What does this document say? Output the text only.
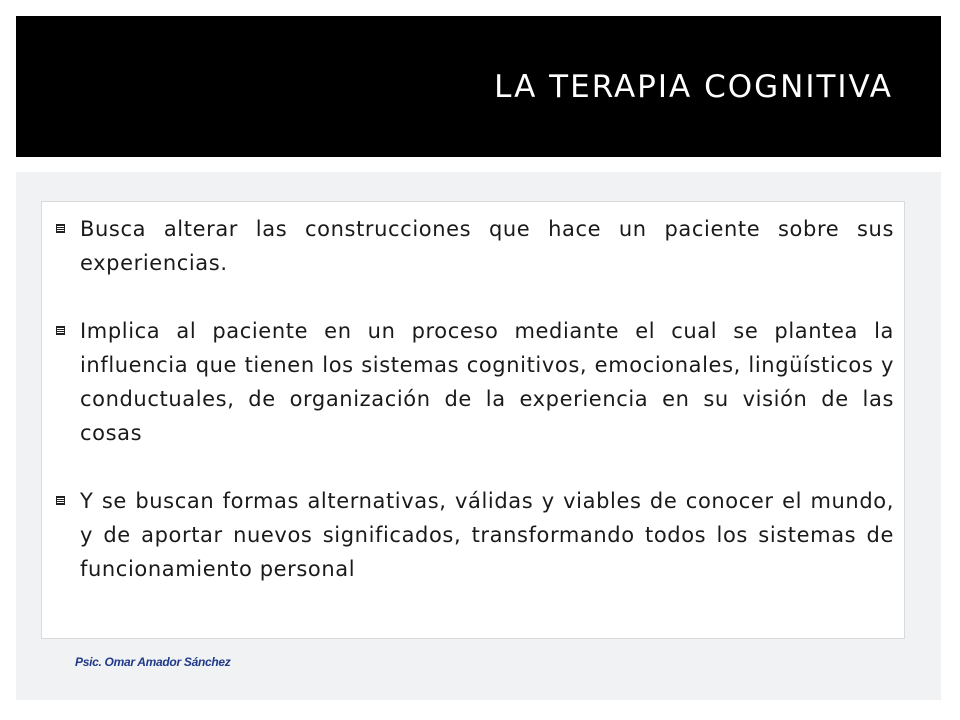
LA TERAPIA COGNITIVA
Busca alterar las construcciones que hace un paciente sobre sus experiencias.
Implica al paciente en un proceso mediante el cual se plantea la influencia que tienen los sistemas cognitivos, emocionales, lingüísticos y conductuales, de organización de la experiencia en su visión de las cosas
Y se buscan formas alternativas, válidas y viables de conocer el mundo, y de aportar nuevos significados, transformando todos los sistemas de funcionamiento personal

Psic. Omar Amador Sánchez
